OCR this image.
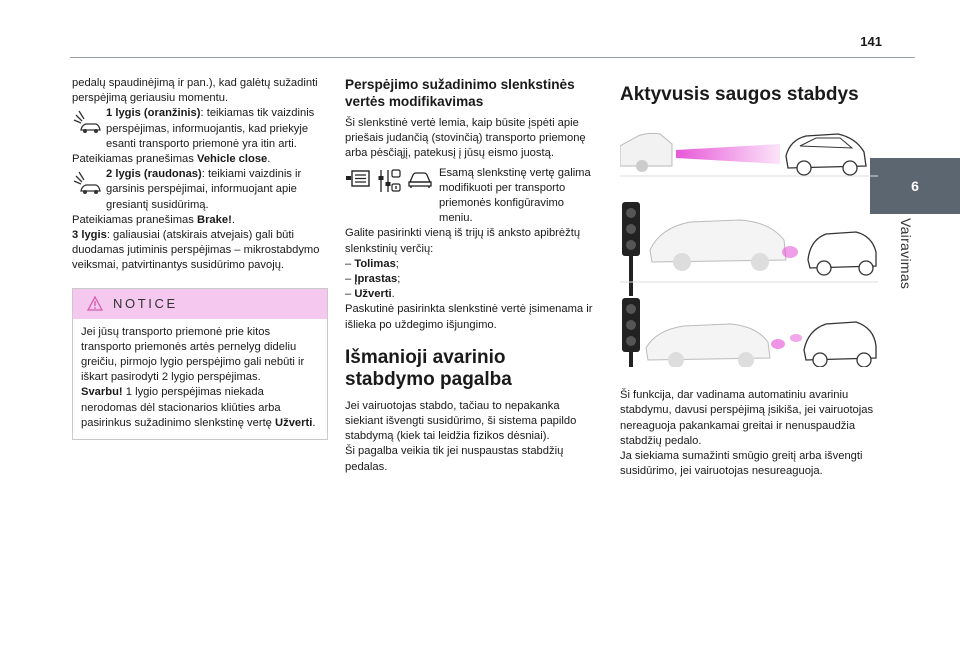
141
6
Vairavimas

pedalų spaudinėjimą ir pan.), kad galėtų sužadinti perspėjimą geriausiu momentu.

1 lygis (oranžinis): teikiamas tik vaizdinis perspėjimas, informuojantis, kad priekyje esanti transporto priemonė yra itin arti.

Pateikiamas pranešimas Vehicle close.

2 lygis (raudonas): teikiami vaizdinis ir garsinis perspėjimai, informuojant apie gresiantį susidūrimą.

Pateikiamas pranešimas Brake!.

3 lygis: galiausiai (atskirais atvejais) gali būti duodamas jutiminis perspėjimas – mikrostabdymo veiksmai, patvirtinantys susidūrimo pavojų.

NOTICE

Jei jūsų transporto priemonė prie kitos transporto priemonės artės pernelyg dideliu greičiu, pirmojo lygio perspėjimo gali nebūti ir iškart pasirodyti 2 lygio perspėjimas.

Svarbu! 1 lygio perspėjimas niekada nerodomas dėl stacionarios kliūties arba pasirinkus sužadinimo slenkstinę vertę Užverti.

Perspėjimo sužadinimo slenkstinės vertės modifikavimas

Ši slenkstinė vertė lemia, kaip būsite įspėti apie priešais judančią (stovinčią) transporto priemonę arba pėsčiąjį, patekusį į jūsų eismo juostą.

Esamą slenkstinę vertę galima modifikuoti per transporto priemonės konfigūravimo meniu.

Galite pasirinkti vieną iš trijų iš anksto apibrėžtų slenkstinių verčių:

– Tolimas;

– Įprastas;

– Užverti.

Paskutinė pasirinkta slenkstinė vertė įsimenama ir išlieka po uždegimo išjungimo.

Išmanioji avarinio stabdymo pagalba

Jei vairuotojas stabdo, tačiau to nepakanka siekiant išvengti susidūrimo, ši sistema papildo stabdymą (kiek tai leidžia fizikos dėsniai).

Ši pagalba veikia tik jei nuspaustas stabdžių pedalas.

Aktyvusis saugos stabdys

Ši funkcija, dar vadinama automatiniu avariniu stabdymu, davusi perspėjimą įsikiša, jei vairuotojas nereaguoja pakankamai greitai ir nenuspaudžia stabdžių pedalo.

Ja siekiama sumažinti smūgio greitį arba išvengti susidūrimo, jei vairuotojas nesureaguoja.
